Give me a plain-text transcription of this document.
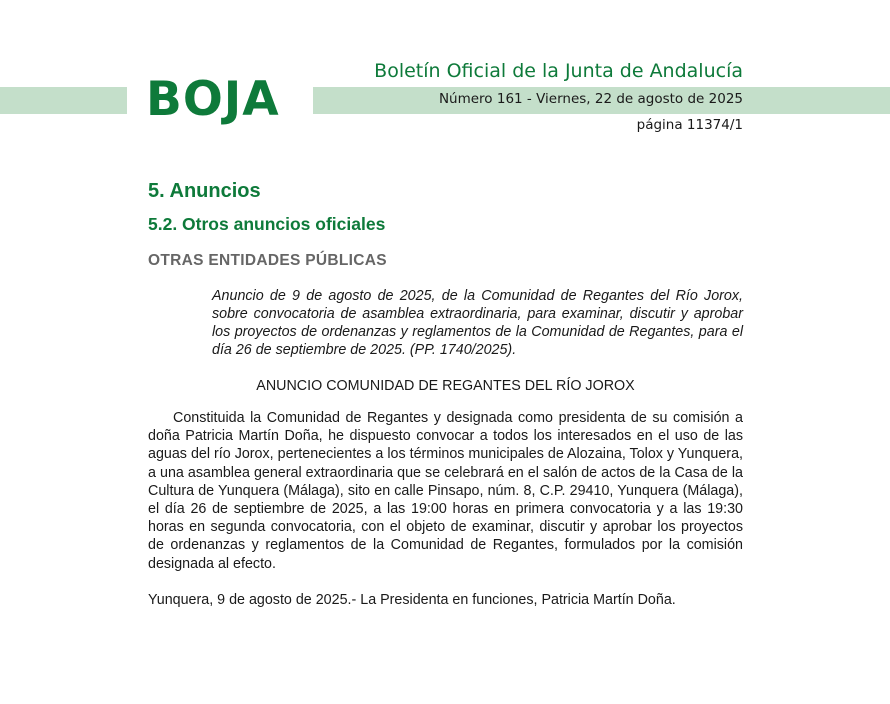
BOJA
Boletín Oficial de la Junta de Andalucía
Número 161 - Viernes, 22 de agosto de 2025
página 11374/1
5. Anuncios
5.2. Otros anuncios oficiales
OTRAS ENTIDADES PÚBLICAS

Anuncio de 9 de agosto de 2025, de la Comunidad de Regantes del Río Jorox, sobre convocatoria de asamblea extraordinaria, para examinar, discutir y aprobar los proyectos de ordenanzas y reglamentos de la Comunidad de Regantes, para el día 26 de septiembre de 2025. (PP. 1740/2025).

ANUNCIO COMUNIDAD DE REGANTES DEL RÍO JOROX

Constituida la Comunidad de Regantes y designada como presidenta de su comisión a doña Patricia Martín Doña, he dispuesto convocar a todos los interesados en el uso de las aguas del río Jorox, pertenecientes a los términos municipales de Alozaina, Tolox y Yunquera, a una asamblea general extraordinaria que se celebrará en el salón de actos de la Casa de la Cultura de Yunquera (Málaga), sito en calle Pinsapo, núm. 8, C.P. 29410, Yunquera (Málaga), el día 26 de septiembre de 2025, a las 19:00 horas en primera convocatoria y a las 19:30 horas en segunda convocatoria, con el objeto de examinar, discutir y aprobar los proyectos de ordenanzas y reglamentos de la Comunidad de Regantes, formulados por la comisión designada al efecto.

Yunquera, 9 de agosto de 2025.- La Presidenta en funciones, Patricia Martín Doña.
